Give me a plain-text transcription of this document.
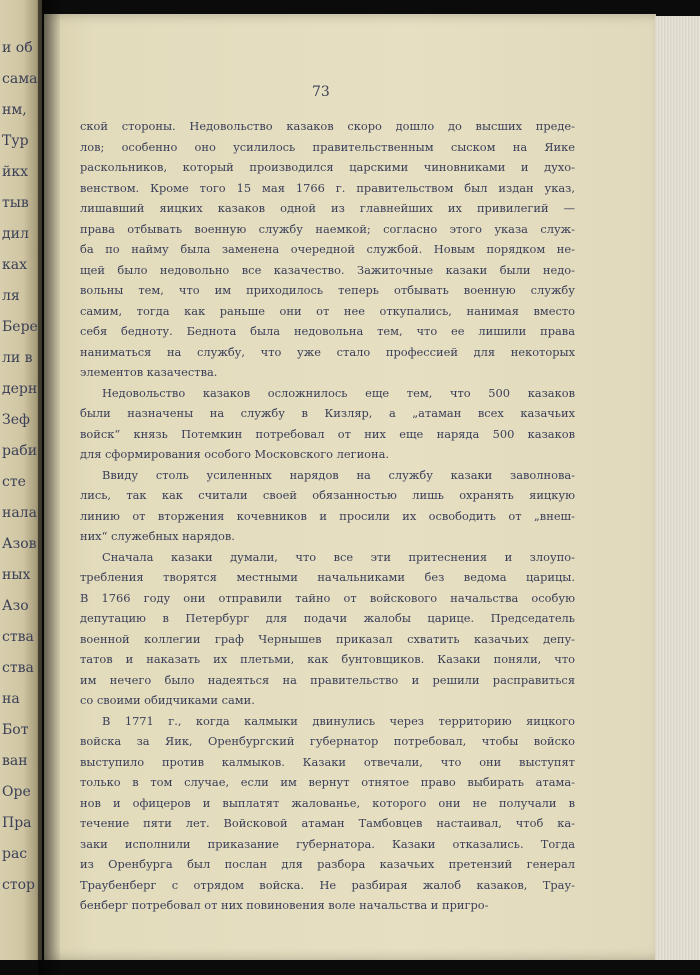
и об
сама
нм,
Тур
йкх
тыв
дил
ках
ля
Бере
ли в
дерн
Зеф
раби
сте
нала
Азов
ных
Азо
ства
ства
на
Бот
ван
Оре
Пра
рас
стор
73
ской стороны. Недовольство казаков скоро дошло до высших преде-
лов; особенно оно усилилось правительственным сыском на Яике
раскольников, который производился царскими чиновниками и духо-
венством. Кроме того 15 мая 1766 г. правительством был издан указ,
лишавший яицких казаков одной из главнейших их привилегий —
права отбывать военную службу наемкой; согласно этого указа служ-
ба по найму была заменена очередной службой. Новым порядком не-
щей было недовольно все казачество. Зажиточные казаки были недо-
вольны тем, что им приходилось теперь отбывать военную службу
самим, тогда как раньше они от нее откупались, нанимая вместо
себя бедноту. Беднота была недовольна тем, что ее лишили права
наниматься на службу, что уже стало профессией для некоторых
элементов казачества.
Недовольство казаков осложнилось еще тем, что 500 казаков
были назначены на службу в Кизляр, а „атаман всех казачьих
войск“ князь Потемкин потребовал от них еще наряда 500 казаков
для сформирования особого Московского легиона.
Ввиду столь усиленных нарядов на службу казаки заволнова-
лись, так как считали своей обязанностью лишь охранять яицкую
линию от вторжения кочевников и просили их освободить от „внеш-
них“ служебных нарядов.
Сначала казаки думали, что все эти притеснения и злоупо-
требления творятся местными начальниками без ведома царицы.
В 1766 году они отправили тайно от войскового начальства особую
депутацию в Петербург для подачи жалобы царице. Председатель
военной коллегии граф Чернышев приказал схватить казачьих депу-
татов и наказать их плетьми, как бунтовщиков. Казаки поняли, что
им нечего было надеяться на правительство и решили расправиться
со своими обидчиками сами.
В 1771 г., когда калмыки двинулись через территорию яицкого
войска за Яик, Оренбургский губернатор потребовал, чтобы войско
выступило против калмыков. Казаки отвечали, что они выступят
только в том случае, если им вернут отнятое право выбирать атама-
нов и офицеров и выплатят жалованье, которого они не получали в
течение пяти лет. Войсковой атаман Тамбовцев настаивал, чтоб ка-
заки исполнили приказание губернатора. Казаки отказались. Тогда
из Оренбурга был послан для разбора казачьих претензий генерал
Траубенберг с отрядом войска. Не разбирая жалоб казаков, Трау-
бенберг потребовал от них повиновения воле начальства и пригро-
